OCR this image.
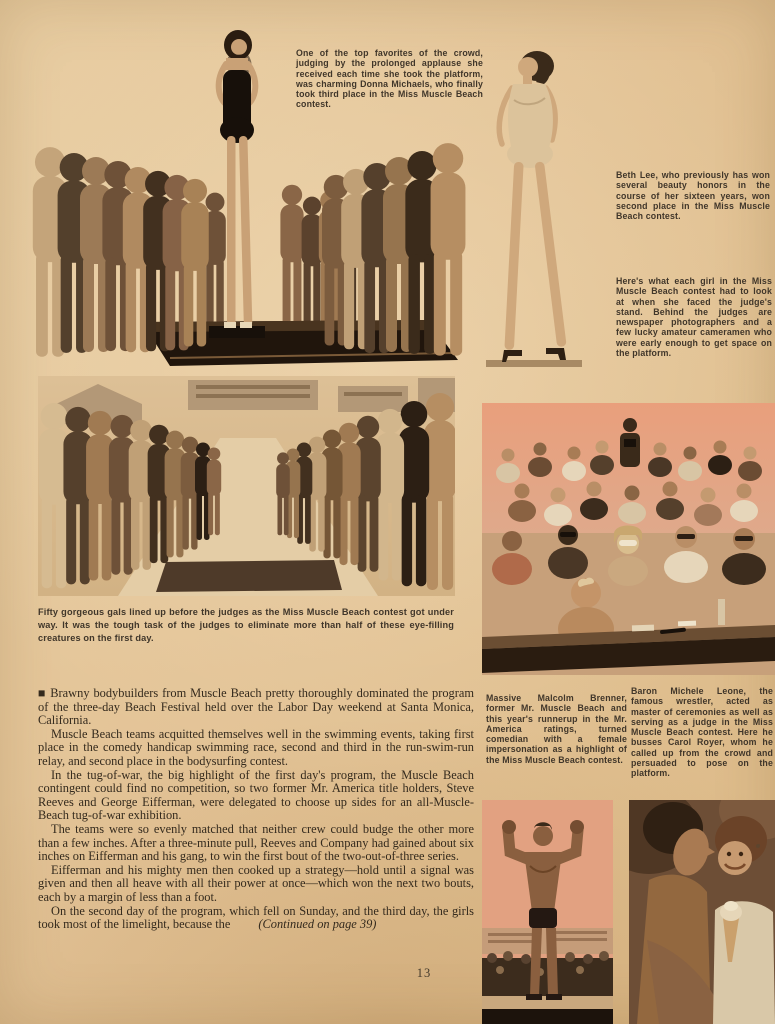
One of the top favorites of the crowd, judging by the prolonged applause she received each time she took the platform, was charming Donna Michaels, who finally took third place in the Miss Muscle Beach contest.
Beth Lee, who previously has won several beauty honors in the course of her sixteen years, won second place in the Miss Muscle Beach contest.
Here's what each girl in the Miss Muscle Beach contest had to look at when she faced the judge's stand. Behind the judges are newspaper photographers and a few lucky amateur cameramen who were early enough to get space on the platform.
Fifty gorgeous gals lined up before the judges as the Miss Muscle Beach contest got under way. It was the tough task of the judges to eliminate more than half of these eye-filling creatures on the first day.
Massive Malcolm Brenner, former Mr. Muscle Beach and this year's runnerup in the Mr. America ratings, turned comedian with a female impersonation as a highlight of the Miss Muscle Beach contest.
Baron Michele Leone, the famous wrestler, acted as master of ceremonies as well as serving as a judge in the Miss Muscle Beach contest. Here he busses Carol Royer, whom he called up from the crowd and persuaded to pose on the platform.

■ Brawny bodybuilders from Muscle Beach pretty thoroughly dominated the program of the three-day Beach Festival held over the Labor Day weekend at Santa Monica, California.

Muscle Beach teams acquitted themselves well in the swimming events, taking first place in the comedy handicap swimming race, second and third in the run-swim-run relay, and second place in the bodysurfing contest.

In the tug-of-war, the big highlight of the first day's program, the Muscle Beach contingent could find no competition, so two former Mr. America title holders, Steve Reeves and George Eifferman, were delegated to choose up sides for an all-Muscle-Beach tug-of-war exhibition.

The teams were so evenly matched that neither crew could budge the other more than a few inches. After a three-minute pull, Reeves and Company had gained about six inches on Eifferman and his gang, to win the first bout of the two-out-of-three series.

Eifferman and his mighty men then cooked up a strategy—hold until a signal was given and then all heave with all their power at once—which won the next two bouts, each by a margin of less than a foot.

On the second day of the program, which fell on Sunday, and the third day, the girls took most of the limelight, because the (Continued on page 39)

13
